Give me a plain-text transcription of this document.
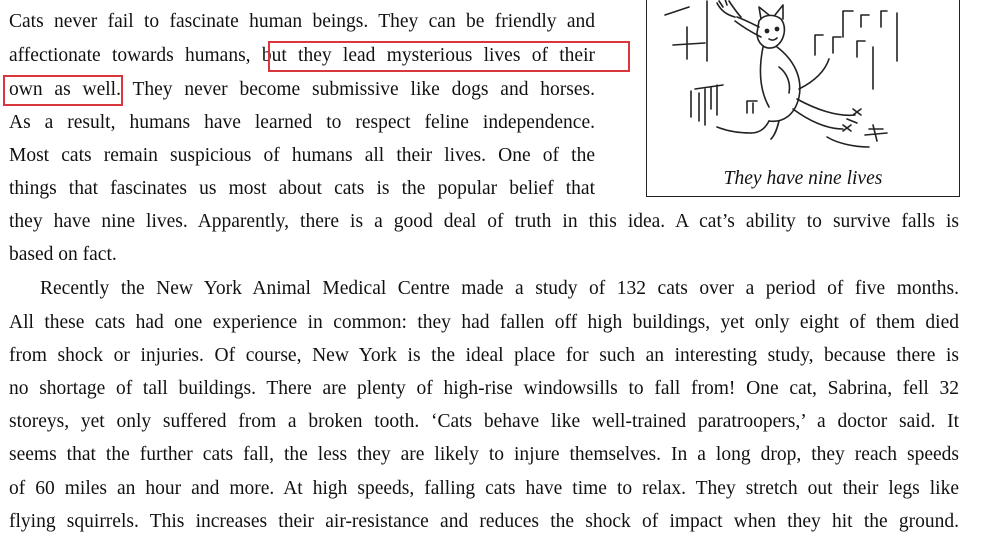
They have nine lives
Cats never fail to fascinate human beings. They can be friendly and
affectionate towards humans, but they lead mysterious lives of their
own as well. They never become submissive like dogs and horses.
As a result, humans have learned to respect feline independence.
Most cats remain suspicious of humans all their lives. One of the
things that fascinates us most about cats is the popular belief that
they have nine lives. Apparently, there is a good deal of truth in this idea. A cat’s ability to survive falls is
based on fact.
Recently the New York Animal Medical Centre made a study of 132 cats over a period of five months.
All these cats had one experience in common: they had fallen off high buildings, yet only eight of them died
from shock or injuries. Of course, New York is the ideal place for such an interesting study, because there is
no shortage of tall buildings. There are plenty of high-rise windowsills to fall from! One cat, Sabrina, fell 32
storeys, yet only suffered from a broken tooth. ‘Cats behave like well-trained paratroopers,’ a doctor said. It
seems that the further cats fall, the less they are likely to injure themselves. In a long drop, they reach speeds
of 60 miles an hour and more. At high speeds, falling cats have time to relax. They stretch out their legs like
flying squirrels. This increases their air-resistance and reduces the shock of impact when they hit the ground.
